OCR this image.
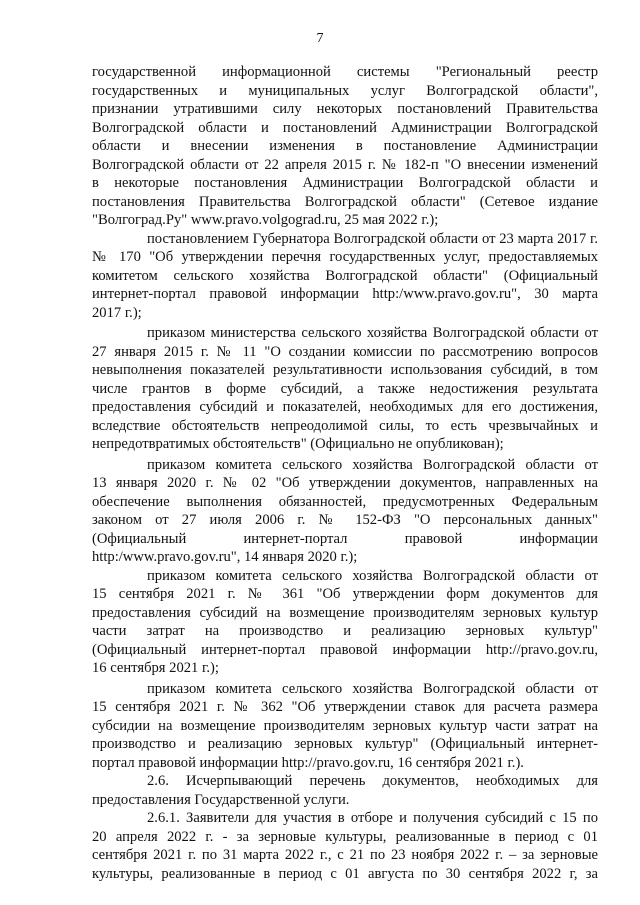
7
государственной информационной системы "Региональный реестр
государственных и муниципальных услуг Волгоградской области",
признании утратившими силу некоторых постановлений Правительства
Волгоградской области и постановлений Администрации Волгоградской
области и внесении изменения в постановление Администрации
Волгоградской области от 22 апреля 2015 г. № 182-п "О внесении изменений
в некоторые постановления Администрации Волгоградской области и
постановления Правительства Волгоградской области" (Сетевое издание
"Волгоград.Ру" www.pravo.volgograd.ru, 25 мая 2022 г.);
постановлением Губернатора Волгоградской области от 23 марта 2017 г.
№ 170 "Об утверждении перечня государственных услуг, предоставляемых
комитетом сельского хозяйства Волгоградской области" (Официальный
интернет-портал правовой информации http:/www.pravo.gov.ru", 30 марта
2017 г.);
приказом министерства сельского хозяйства Волгоградской области от
27 января 2015 г. № 11 "О создании комиссии по рассмотрению вопросов
невыполнения показателей результативности использования субсидий, в том
числе грантов в форме субсидий, а также недостижения результата
предоставления субсидий и показателей, необходимых для его достижения,
вследствие обстоятельств непреодолимой силы, то есть чрезвычайных и
непредотвратимых обстоятельств" (Официально не опубликован);
приказом комитета сельского хозяйства Волгоградской области от
13 января 2020 г. № 02 "Об утверждении документов, направленных на
обеспечение выполнения обязанностей, предусмотренных Федеральным
законом от 27 июля 2006 г. № 152-ФЗ "О персональных данных"
(Официальный интернет-портал правовой информации
http:/www.pravo.gov.ru", 14 января 2020 г.);
приказом комитета сельского хозяйства Волгоградской области от
15 сентября 2021 г. № 361 "Об утверждении форм документов для
предоставления субсидий на возмещение производителям зерновых культур
части затрат на производство и реализацию зерновых культур"
(Официальный интернет-портал правовой информации http://pravo.gov.ru,
16 сентября 2021 г.);
приказом комитета сельского хозяйства Волгоградской области от
15 сентября 2021 г. № 362 "Об утверждении ставок для расчета размера
субсидии на возмещение производителям зерновых культур части затрат на
производство и реализацию зерновых культур" (Официальный интернет-
портал правовой информации http://pravo.gov.ru, 16 сентября 2021 г.).
2.6. Исчерпывающий перечень документов, необходимых для
предоставления Государственной услуги.
2.6.1. Заявители для участия в отборе и получения субсидий с 15 по
20 апреля 2022 г. - за зерновые культуры, реализованные в период с 01
сентября 2021 г. по 31 марта 2022 г., с 21 по 23 ноября 2022 г. – за зерновые
культуры, реализованные в период с 01 августа по 30 сентября 2022 г, за
